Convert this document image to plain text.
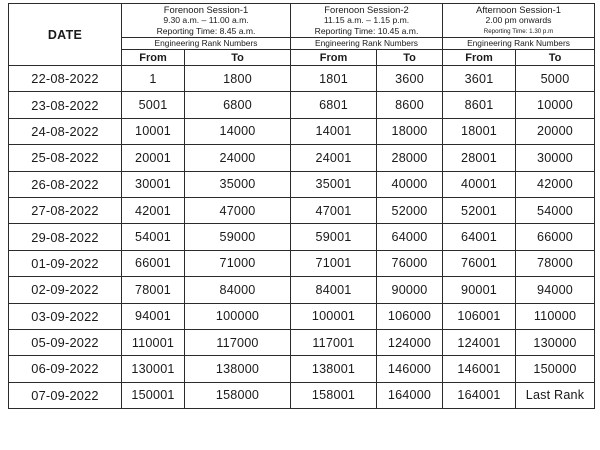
DATE	Forenoon Session-1
9.30 a.m. – 11.00 a.m.
Reporting Time: 8.45 a.m.		Forenoon Session-2
11.15 a.m. – 1.15 p.m.
Reporting Time: 10.45 a.m.		Afternoon Session-1
2.00 pm onwards
Reporting Time: 1.30 p.m	

	Engineering Rank Numbers		Engineering Rank Numbers		Engineering Rank Numbers	
	From	To	From	To	From	To
22-08-2022	1	1800	1801	3600	3601	5000
23-08-2022	5001	6800	6801	8600	8601	10000
24-08-2022	10001	14000	14001	18000	18001	20000
25-08-2022	20001	24000	24001	28000	28001	30000
26-08-2022	30001	35000	35001	40000	40001	42000
27-08-2022	42001	47000	47001	52000	52001	54000
29-08-2022	54001	59000	59001	64000	64001	66000
01-09-2022	66001	71000	71001	76000	76001	78000
02-09-2022	78001	84000	84001	90000	90001	94000
03-09-2022	94001	100000	100001	106000	106001	110000
05-09-2022	110001	117000	117001	124000	124001	130000
06-09-2022	130001	138000	138001	146000	146001	150000
07-09-2022	150001	158000	158001	164000	164001	Last Rank
